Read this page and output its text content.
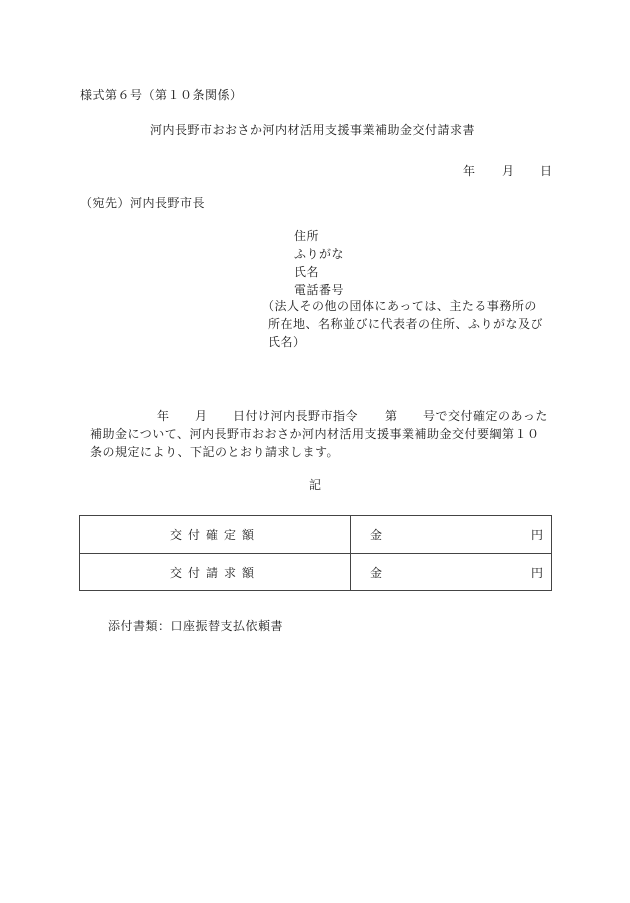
様式第６号（第１０条関係）
河内長野市おおさか河内材活用支援事業補助金交付請求書
年 月 日
（宛先）河内長野市長
住所
ふりがな
氏名
電話番号
（法人その他の団体にあっては、主たる事務所の
所在地、名称並びに代表者の住所、ふりがな及び
氏名）
年 月 日付け河内長野市指令 第 号で交付確定のあった
補助金について、河内長野市おおさか河内材活用支援事業補助金交付要綱第１０
条の規定により、下記のとおり請求します。
記
交付確定額	金	円
交付請求額	金	円
添付書類：口座振替支払依頼書
